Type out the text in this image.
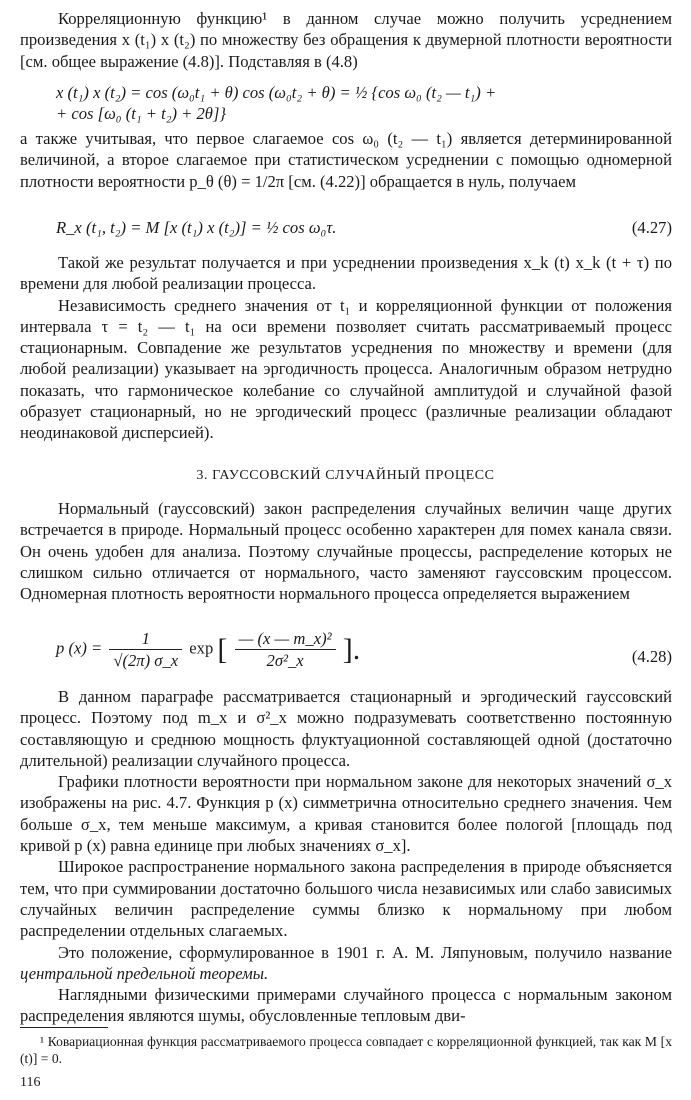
Корреляционную функцию¹ в данном случае можно получить усреднением произведения x (t₁) x (t₂) по множеству без обращения к двумерной плотности вероятности [см. общее выражение (4.8)]. Подставляя в (4.8)

x (t₁) x (t₂) = cos (ω₀t₁ + θ) cos (ω₀t₂ + θ) = ½ {cos ω₀ (t₂ — t₁) +
+ cos [ω₀ (t₁ + t₂) + 2θ]}

а также учитывая, что первое слагаемое cos ω₀ (t₂ — t₁) является детерминированной величиной, а второе слагаемое при статистическом усреднении с помощью одномерной плотности вероятности p_θ (θ) = 1/2π [см. (4.22)] обращается в нуль, получаем

R_x (t₁, t₂) = M [x (t₁) x (t₂)] = ½ cos ω₀τ.	(4.27)

Такой же результат получается и при усреднении произведения x_k (t) x_k (t + τ) по времени для любой реализации процесса.

Независимость среднего значения от t₁ и корреляционной функции от положения интервала τ = t₂ — t₁ на оси времени позволяет считать рассматриваемый процесс стационарным. Совпадение же результатов усреднения по множеству и времени (для любой реализации) указывает на эргодичность процесса. Аналогичным образом нетрудно показать, что гармоническое колебание со случайной амплитудой и случайной фазой образует стационарный, но не эргодический процесс (различные реализации обладают неодинаковой дисперсией).

3. ГАУССОВСКИЙ СЛУЧАЙНЫЙ ПРОЦЕСС

Нормальный (гауссовский) закон распределения случайных величин чаще других встречается в природе. Нормальный процесс особенно характерен для помех канала связи. Он очень удобен для анализа. Поэтому случайные процессы, распределение которых не слишком сильно отличается от нормального, часто заменяют гауссовским процессом. Одномерная плотность вероятности нормального процесса определяется выражением

p $(x) = \frac{1}{√(2\pi) \sigma\_x}$ exp [ $\frac{\text{— (x — m\_x)²}}{\text{2σ²\_x}}$ ].	(4.28)

В данном параграфе рассматривается стационарный и эргодический гауссовский процесс. Поэтому под m_x и σ²_x можно подразумевать соответственно постоянную составляющую и среднюю мощность флуктуационной составляющей одной (достаточно длительной) реализации случайного процесса.

Графики плотности вероятности при нормальном законе для некоторых значений σ_x изображены на рис. 4.7. Функция p (x) симметрична относительно среднего значения. Чем больше σ_x, тем меньше максимум, а кривая становится более пологой [площадь под кривой p (x) равна единице при любых значениях σ_x].

Широкое распространение нормального закона распределения в природе объясняется тем, что при суммировании достаточно большого числа независимых или слабо зависимых случайных величин распределение суммы близко к нормальному при любом распределении отдельных слагаемых.

Это положение, сформулированное в 1901 г. А. М. Ляпуновым, получило название центральной предельной теоремы.

Наглядными физическими примерами случайного процесса с нормальным законом распределения являются шумы, обусловленные тепловым дви-

¹ Ковариационная функция рассматриваемого процесса совпадает с корреляционной функцией, так как M [x (t)] = 0.
116
